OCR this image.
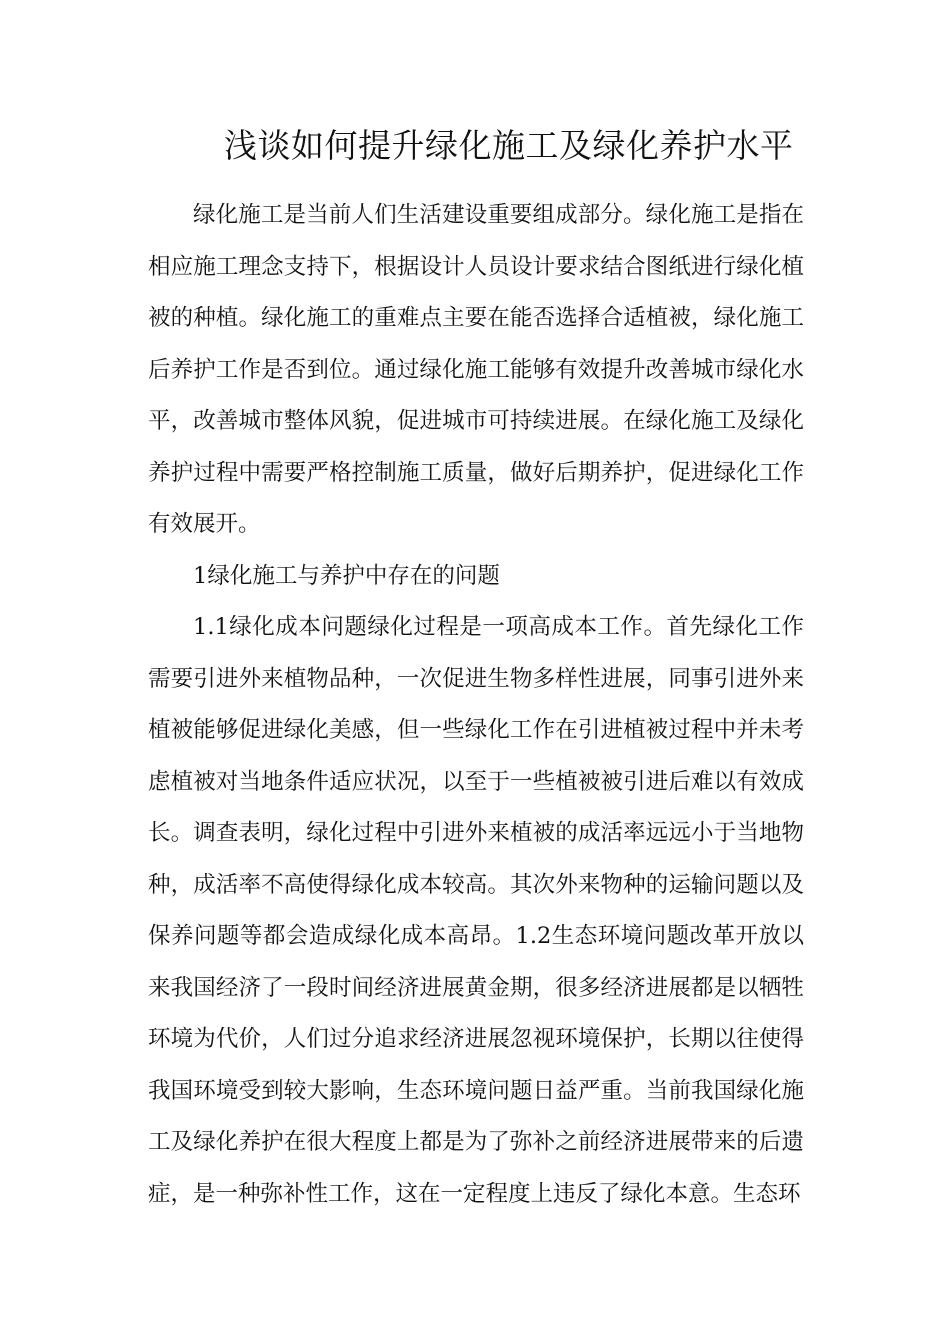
浅谈如何提升绿化施工及绿化养护水平

绿化施工是当前人们生活建设重要组成部分。绿化施工是指在相应施工理念支持下，根据设计人员设计要求结合图纸进行绿化植被的种植。绿化施工的重难点主要在能否选择合适植被，绿化施工后养护工作是否到位。通过绿化施工能够有效提升改善城市绿化水平，改善城市整体风貌，促进城市可持续进展。在绿化施工及绿化养护过程中需要严格控制施工质量，做好后期养护，促进绿化工作有效展开。

1绿化施工与养护中存在的问题

1.1绿化成本问题绿化过程是一项高成本工作。首先绿化工作需要引进外来植物品种，一次促进生物多样性进展，同事引进外来植被能够促进绿化美感，但一些绿化工作在引进植被过程中并未考虑植被对当地条件适应状况，以至于一些植被被引进后难以有效成长。调查表明，绿化过程中引进外来植被的成活率远远小于当地物种，成活率不高使得绿化成本较高。其次外来物种的运输问题以及保养问题等都会造成绿化成本高昂。1.2生态环境问题改革开放以来我国经济了一段时间经济进展黄金期，很多经济进展都是以牺牲环境为代价，人们过分追求经济进展忽视环境保护，长期以往使得我国环境受到较大影响，生态环境问题日益严重。当前我国绿化施工及绿化养护在很大程度上都是为了弥补之前经济进展带来的后遗症，是一种弥补性工作，这在一定程度上违反了绿化本意。生态环
